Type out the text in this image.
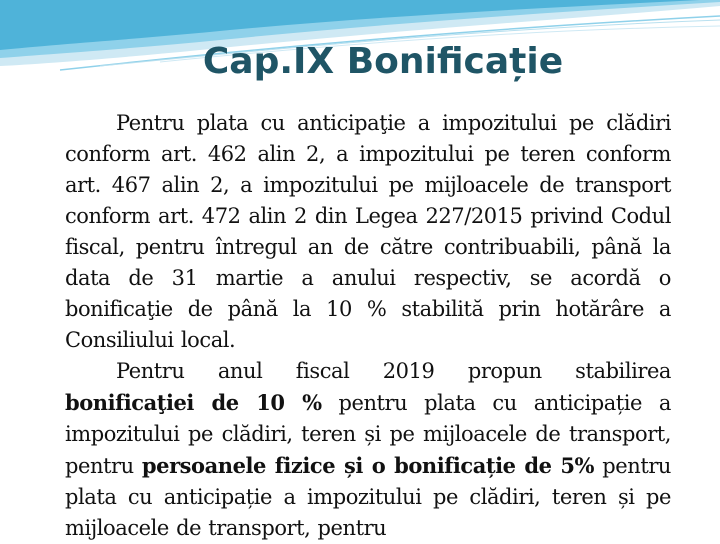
Cap.IX Bonificație

Pentru plata cu anticipaţie a impozitului pe clădiri conform art. 462 alin 2, a impozitului pe teren conform art. 467 alin 2, a impozitului pe mijloacele de transport conform art. 472 alin 2 din Legea 227/2015 privind Codul fiscal, pentru întregul an de către contribuabili, până la data de 31 martie a anului respectiv, se acordă o bonificaţie de până la 10 % stabilită prin hotărâre a Consiliului local.

Pentru anul fiscal 2019 propun stabilirea bonificaţiei de 10 % pentru plata cu anticipație a impozitului pe clădiri, teren și pe mijloacele de transport, pentru persoanele fizice și o bonificație de 5% pentru plata cu anticipație a impozitului pe clădiri, teren și pe mijloacele de transport, pentru
